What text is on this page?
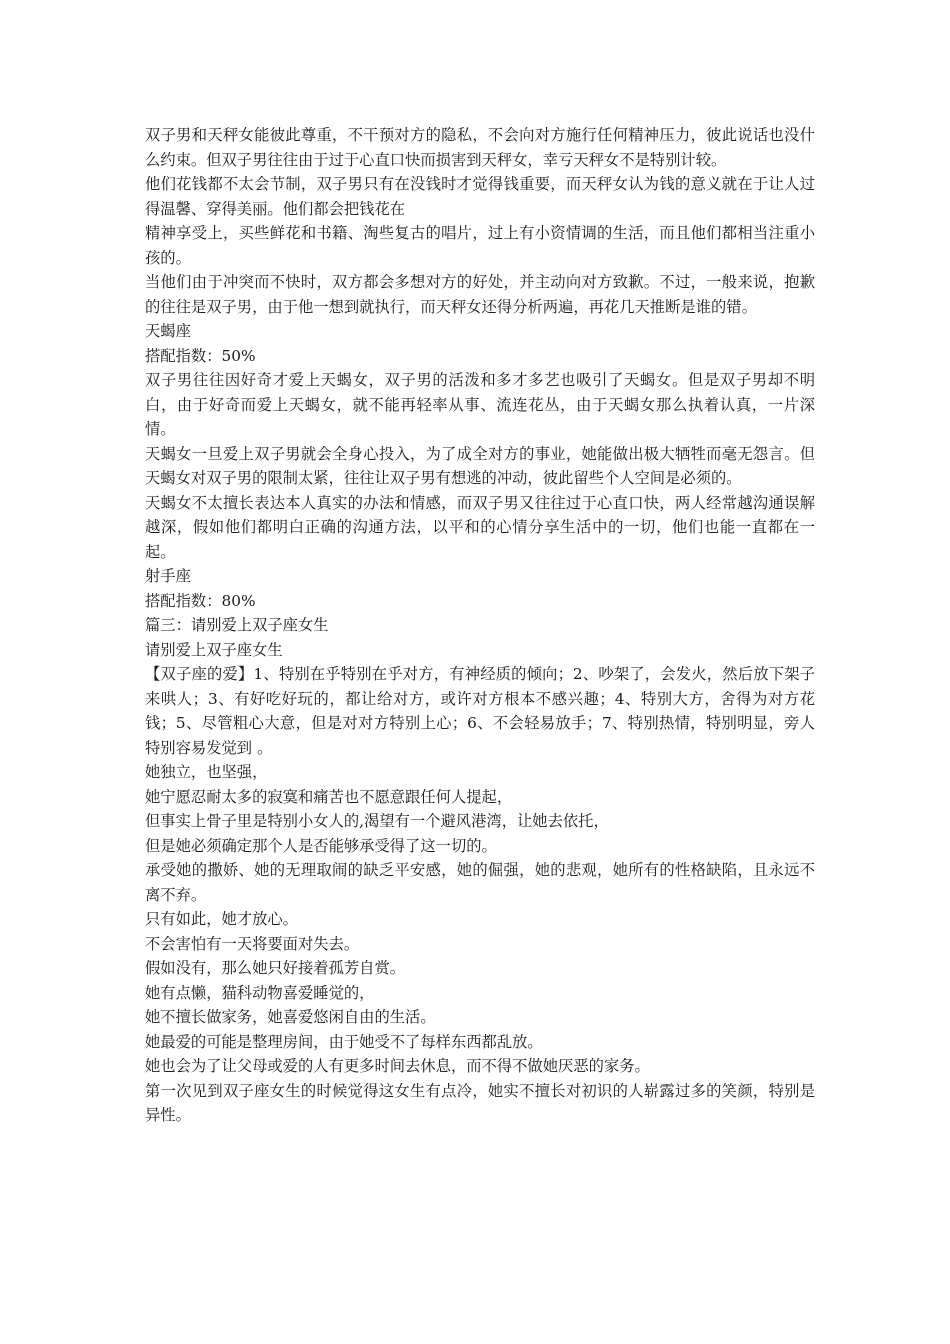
双子男和天秤女能彼此尊重，不干预对方的隐私，不会向对方施行任何精神压力，彼此说话也没什么约束。但双子男往往由于过于心直口快而损害到天秤女，幸亏天秤女不是特别计较。

他们花钱都不太会节制，双子男只有在没钱时才觉得钱重要，而天秤女认为钱的意义就在于让人过得温馨、穿得美丽。他们都会把钱花在

精神享受上，买些鲜花和书籍、淘些复古的唱片，过上有小资情调的生活，而且他们都相当注重小孩的。

当他们由于冲突而不快时，双方都会多想对方的好处，并主动向对方致歉。不过，一般来说，抱歉的往往是双子男，由于他一想到就执行，而天秤女还得分析两遍，再花几天推断是谁的错。

天蝎座

搭配指数：50%

双子男往往因好奇才爱上天蝎女，双子男的活泼和多才多艺也吸引了天蝎女。但是双子男却不明白，由于好奇而爱上天蝎女，就不能再轻率从事、流连花丛，由于天蝎女那么执着认真，一片深情。

天蝎女一旦爱上双子男就会全身心投入，为了成全对方的事业，她能做出极大牺牲而毫无怨言。但天蝎女对双子男的限制太紧，往往让双子男有想逃的冲动，彼此留些个人空间是必须的。

天蝎女不太擅长表达本人真实的办法和情感，而双子男又往往过于心直口快，两人经常越沟通误解越深，假如他们都明白正确的沟通方法，以平和的心情分享生活中的一切，他们也能一直都在一起。

射手座

搭配指数：80%

篇三：请别爱上双子座女生

请别爱上双子座女生

【双子座的爱】1、特别在乎特别在乎对方，有神经质的倾向；2、吵架了，会发火，然后放下架子来哄人；3、有好吃好玩的，都让给对方，或许对方根本不感兴趣；4、特别大方，舍得为对方花钱；5、尽管粗心大意，但是对对方特别上心；6、不会轻易放手；7、特别热情，特别明显，旁人特别容易发觉到 。

她独立，也坚强，

她宁愿忍耐太多的寂寞和痛苦也不愿意跟任何人提起，

但事实上骨子里是特别小女人的,渴望有一个避风港湾，让她去依托，

但是她必须确定那个人是否能够承受得了这一切的。

承受她的撒娇、她的无理取闹的缺乏平安感，她的倔强，她的悲观，她所有的性格缺陷，且永远不离不弃。

只有如此，她才放心。

不会害怕有一天将要面对失去。

假如没有，那么她只好接着孤芳自赏。

她有点懒，猫科动物喜爱睡觉的，

她不擅长做家务，她喜爱悠闲自由的生活。

她最爱的可能是整理房间，由于她受不了每样东西都乱放。

她也会为了让父母或爱的人有更多时间去休息，而不得不做她厌恶的家务。

第一次见到双子座女生的时候觉得这女生有点冷，她实不擅长对初识的人崭露过多的笑颜，特别是异性。
